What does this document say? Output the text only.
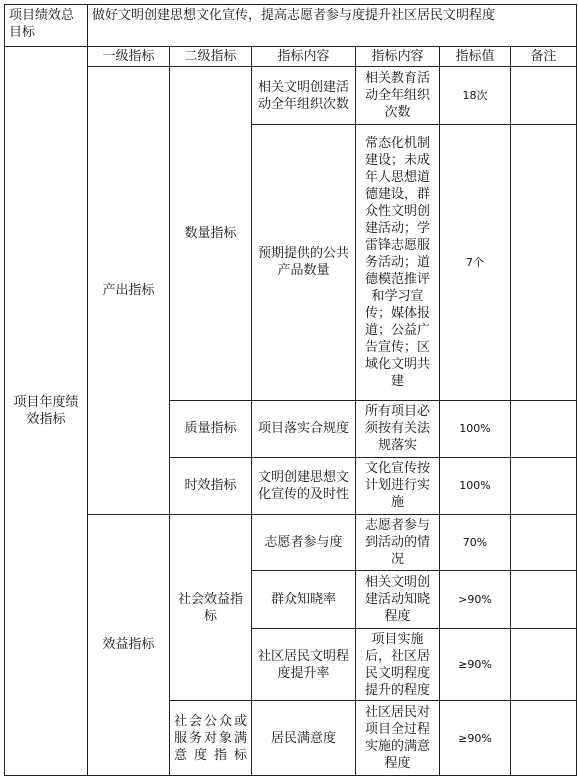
项目绩效总目标	做好文明创建思想文化宣传，提高志愿者参与度提升社区居民文明程度					
项目年度绩效指标	一级指标	二级指标	指标内容	指标内容	指标值	备注
	产出指标	数量指标	相关文明创建活动全年组织次数	相关教育活动全年组织次数	18次	
			预期提供的公共产品数量	常态化机制建设；未成年人思想道德建设，群众性文明创建活动；学雷锋志愿服务活动；道德模范推评和学习宣传；媒体报道；公益广告宣传；区域化文明共建	7个	
		质量指标	项目落实合规度	所有项目必须按有关法规落实	100%	
		时效指标	文明创建思想文化宣传的及时性	文化宣传按计划进行实施	100%	
	效益指标	社会效益指标	志愿者参与度	志愿者参与到活动的情况	70%	
			群众知晓率	相关文明创建活动知晓程度	>90%	
			社区居民文明程度提升率	项目实施后，社区居民文明程度提升的程度	≥90%	
		社会公众或服务对象满意度指标	居民满意度	社区居民对项目全过程实施的满意程度	≥90%	
